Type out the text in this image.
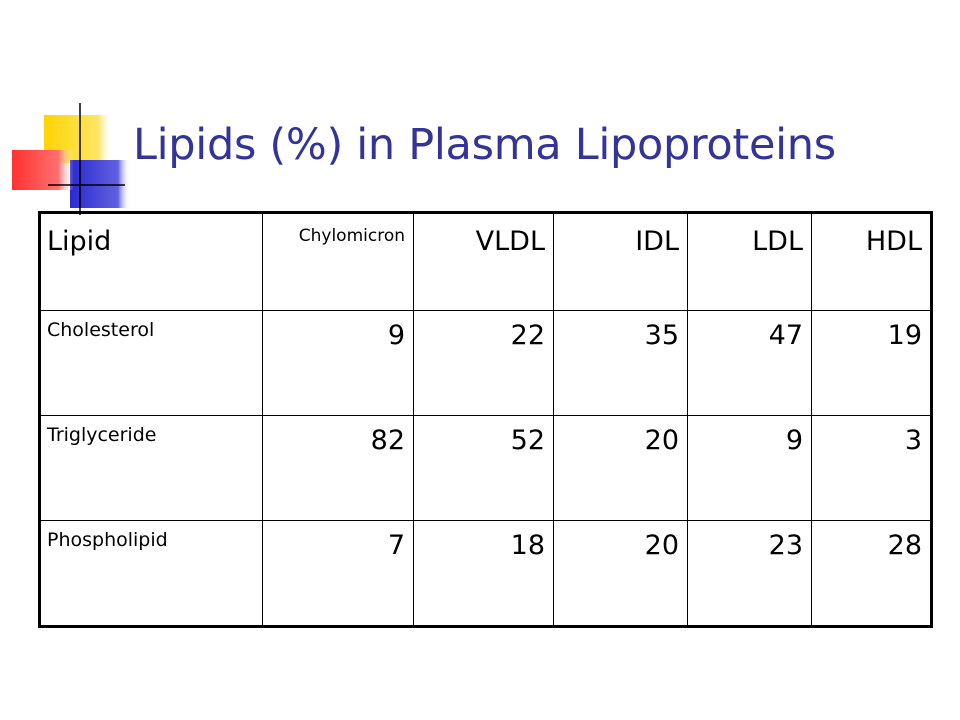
Lipids (%) in Plasma Lipoproteins
Lipid	Chylomicron	VLDL	IDL	LDL	HDL
Cholesterol	9	22	35	47	19
Triglyceride	82	52	20	9	3
Phospholipid	7	18	20	23	28
